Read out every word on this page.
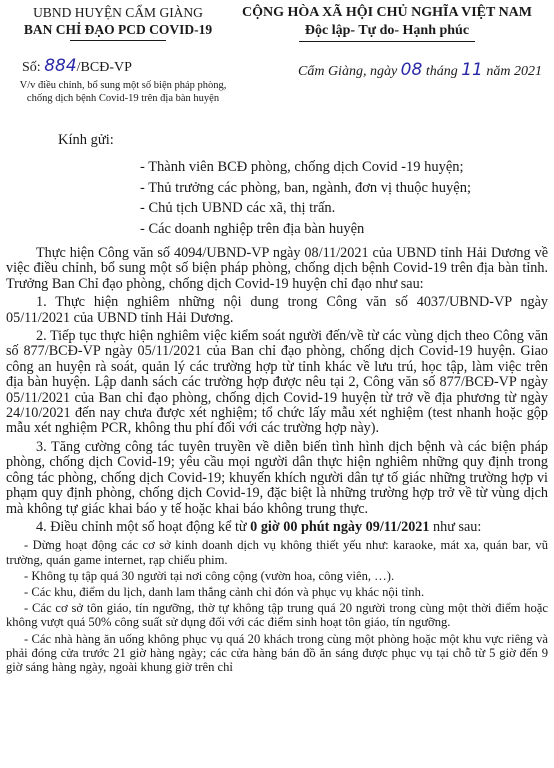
UBND HUYỆN CẨM GIÀNG
BAN CHỈ ĐẠO PCD COVID-19
CỘNG HÒA XÃ HỘI CHỦ NGHĨA VIỆT NAM
Độc lập- Tự do- Hạnh phúc
Số: 884/BCĐ-VP
V/v điều chỉnh, bổ sung một số biện pháp phòng,
chống dịch bệnh Covid-19 trên địa bàn huyện
Cẩm Giàng, ngày 08 tháng 11 năm 2021
Kính gửi:
- Thành viên BCĐ phòng, chống dịch Covid -19 huyện;
- Thủ trưởng các phòng, ban, ngành, đơn vị thuộc huyện;
- Chủ tịch UBND các xã, thị trấn.
- Các doanh nghiệp trên địa bàn huyện

Thực hiện Công văn số 4094/UBND-VP ngày 08/11/2021 của UBND tỉnh Hải Dương về việc điều chỉnh, bổ sung một số biện pháp phòng, chống dịch bệnh Covid-19 trên địa bàn tỉnh. Trưởng Ban Chỉ đạo phòng, chống dịch Covid-19 huyện chỉ đạo như sau:

1. Thực hiện nghiêm những nội dung trong Công văn số 4037/UBND-VP ngày 05/11/2021 của UBND tỉnh Hải Dương.

2. Tiếp tục thực hiện nghiêm việc kiểm soát người đến/về từ các vùng dịch theo Công văn số 877/BCĐ-VP ngày 05/11/2021 của Ban chỉ đạo phòng, chống dịch Covid-19 huyện. Giao công an huyện rà soát, quản lý các trường hợp từ tỉnh khác về lưu trú, học tập, làm việc trên địa bàn huyện. Lập danh sách các trường hợp được nêu tại 2, Công văn số 877/BCĐ-VP ngày 05/11/2021 của Ban chỉ đạo phòng, chống dịch Covid-19 huyện từ trở về địa phương từ ngày 24/10/2021 đến nay chưa được xét nghiệm; tổ chức lấy mẫu xét nghiệm (test nhanh hoặc gộp mẫu xét nghiệm PCR, không thu phí đối với các trường hợp này).

3. Tăng cường công tác tuyên truyền về diễn biến tình hình dịch bệnh và các biện pháp phòng, chống dịch Covid-19; yêu cầu mọi người dân thực hiện nghiêm những quy định trong công tác phòng, chống dịch Covid-19; khuyến khích người dân tự tố giác những trường hợp vi phạm quy định phòng, chống dịch Covid-19, đặc biệt là những trường hợp trở về từ vùng dịch mà không tự giác khai báo y tế hoặc khai báo không trung thực.

4. Điều chỉnh một số hoạt động kể từ 0 giờ 00 phút ngày 09/11/2021 như sau:

- Dừng hoạt động các cơ sở kinh doanh dịch vụ không thiết yếu như: karaoke, mát xa, quán bar, vũ trường, quán game internet, rạp chiếu phim.

- Không tụ tập quá 30 người tại nơi công cộng (vườn hoa, công viên, …).

- Các khu, điểm du lịch, danh lam thắng cảnh chỉ đón và phục vụ khác nội tỉnh.

- Các cơ sở tôn giáo, tín ngưỡng, thờ tự không tập trung quá 20 người trong cùng một thời điểm hoặc không vượt quá 50% công suất sử dụng đối với các điểm sinh hoạt tôn giáo, tín ngưỡng.

- Các nhà hàng ăn uống không phục vụ quá 20 khách trong cùng một phòng hoặc một khu vực riêng và phải đóng cửa trước 21 giờ hàng ngày; các cửa hàng bán đồ ăn sáng được phục vụ tại chỗ từ 5 giờ đến 9 giờ sáng hàng ngày, ngoài khung giờ trên chỉ
